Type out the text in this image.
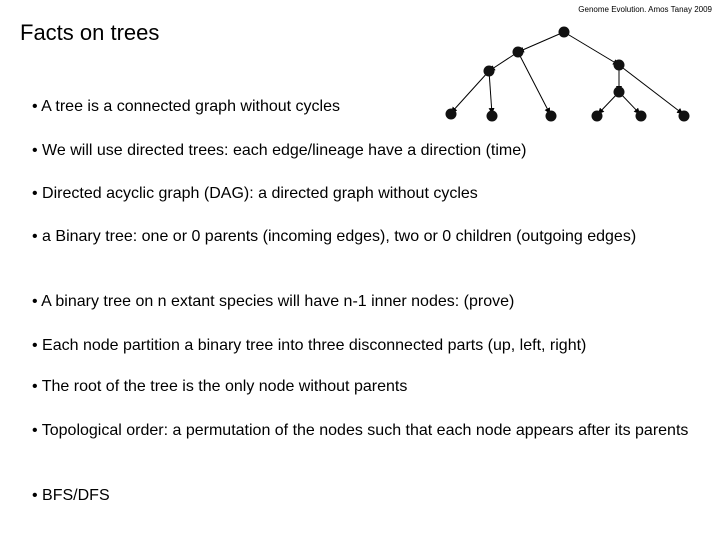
Genome Evolution. Amos Tanay 2009
Facts on trees
• A tree is a connected graph without cycles
• We will use directed trees: each edge/lineage have a direction (time)
• Directed acyclic graph (DAG): a directed graph without cycles
• a Binary tree: one or 0 parents (incoming edges), two or 0 children (outgoing edges)
• A binary tree on n extant species will have n-1 inner nodes: (prove)
• Each node partition a binary tree into three disconnected parts (up, left, right)
• The root of the tree is the only node without parents
• Topological order: a permutation of the nodes such that each node appears after its parents
• BFS/DFS
